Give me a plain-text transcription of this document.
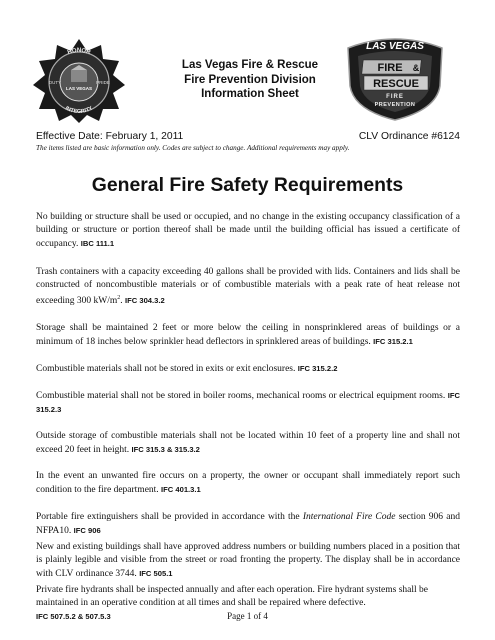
HONOR
INTEGRITY
DUTY	PRIDE
LAS VEGAS
Las Vegas Fire & Rescue
Fire Prevention Division
Information Sheet
LAS VEGAS
FIRE &
RESCUE
FIRE
PREVENTION
Effective Date: February 1, 2011	CLV Ordinance #6124
The items listed are basic information only. Codes are subject to change. Additional requirements may apply.
General Fire Safety Requirements
No building or structure shall be used or occupied, and no change in the existing occupancy classification of a building or structure or portion thereof shall be made until the building official has issued a certificate of occupancy. IBC 111.1
Trash containers with a capacity exceeding 40 gallons shall be provided with lids. Containers and lids shall be constructed of noncombustible materials or of combustible materials with a peak rate of heat release not exceeding 300 $kW/m^2$. IFC 304.3.2
Storage shall be maintained 2 feet or more below the ceiling in nonsprinklered areas of buildings or a minimum of 18 inches below sprinkler head deflectors in sprinklered areas of buildings. IFC 315.2.1
Combustible materials shall not be stored in exits or exit enclosures. IFC 315.2.2
Combustible material shall not be stored in boiler rooms, mechanical rooms or electrical equipment rooms. IFC 315.2.3
Outside storage of combustible materials shall not be located within 10 feet of a property line and shall not exceed 20 feet in height. IFC 315.3 & 315.3.2
In the event an unwanted fire occurs on a property, the owner or occupant shall immediately report such condition to the fire department. IFC 401.3.1
Portable fire extinguishers shall be provided in accordance with the International Fire Code section 906 and NFPA10. IFC 906
New and existing buildings shall have approved address numbers or building numbers placed in a position that is plainly legible and visible from the street or road fronting the property. The display shall be in accordance with CLV ordinance 3744. IFC 505.1
Private fire hydrants shall be inspected annually and after each operation. Fire hydrant systems shall be maintained in an operative condition at all times and shall be repaired where defective.
IFC 507.5.2 & 507.5.3	Page 1 of 4
